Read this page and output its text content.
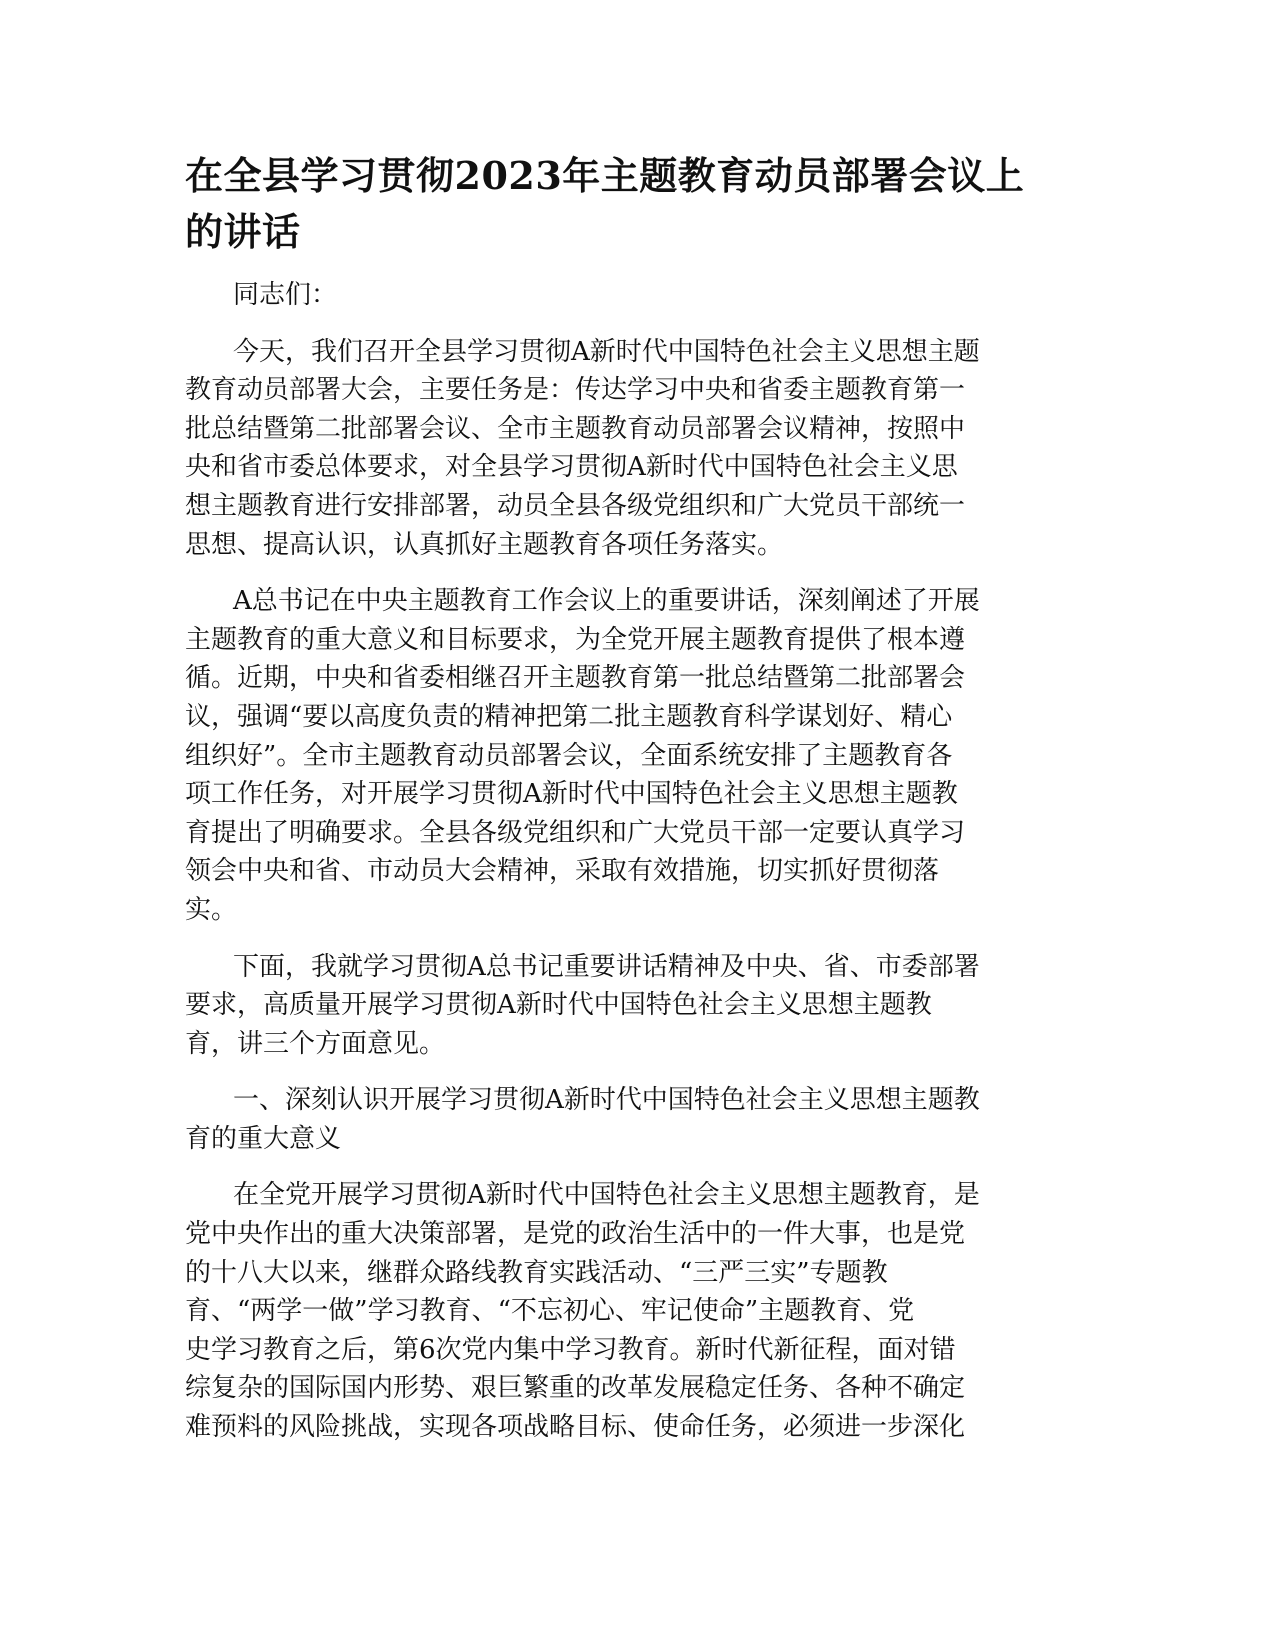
在全县学习贯彻2023年主题教育动员部署会议上
的讲话
同志们：
今天，我们召开全县学习贯彻A新时代中国特色社会主义思想主题
教育动员部署大会，主要任务是：传达学习中央和省委主题教育第一
批总结暨第二批部署会议、全市主题教育动员部署会议精神，按照中
央和省市委总体要求，对全县学习贯彻A新时代中国特色社会主义思
想主题教育进行安排部署，动员全县各级党组织和广大党员干部统一
思想、提高认识，认真抓好主题教育各项任务落实。
A总书记在中央主题教育工作会议上的重要讲话，深刻阐述了开展
主题教育的重大意义和目标要求，为全党开展主题教育提供了根本遵
循。近期，中央和省委相继召开主题教育第一批总结暨第二批部署会
议，强调“要以高度负责的精神把第二批主题教育科学谋划好、精心
组织好”。全市主题教育动员部署会议，全面系统安排了主题教育各
项工作任务，对开展学习贯彻A新时代中国特色社会主义思想主题教
育提出了明确要求。全县各级党组织和广大党员干部一定要认真学习
领会中央和省、市动员大会精神，采取有效措施，切实抓好贯彻落
实。
下面，我就学习贯彻A总书记重要讲话精神及中央、省、市委部署
要求，高质量开展学习贯彻A新时代中国特色社会主义思想主题教
育，讲三个方面意见。
一、深刻认识开展学习贯彻A新时代中国特色社会主义思想主题教
育的重大意义
在全党开展学习贯彻A新时代中国特色社会主义思想主题教育，是
党中央作出的重大决策部署，是党的政治生活中的一件大事，也是党
的十八大以来，继群众路线教育实践活动、“三严三实”专题教
育、“两学一做”学习教育、“不忘初心、牢记使命”主题教育、党
史学习教育之后，第6次党内集中学习教育。新时代新征程，面对错
综复杂的国际国内形势、艰巨繁重的改革发展稳定任务、各种不确定
难预料的风险挑战，实现各项战略目标、使命任务，必须进一步深化
